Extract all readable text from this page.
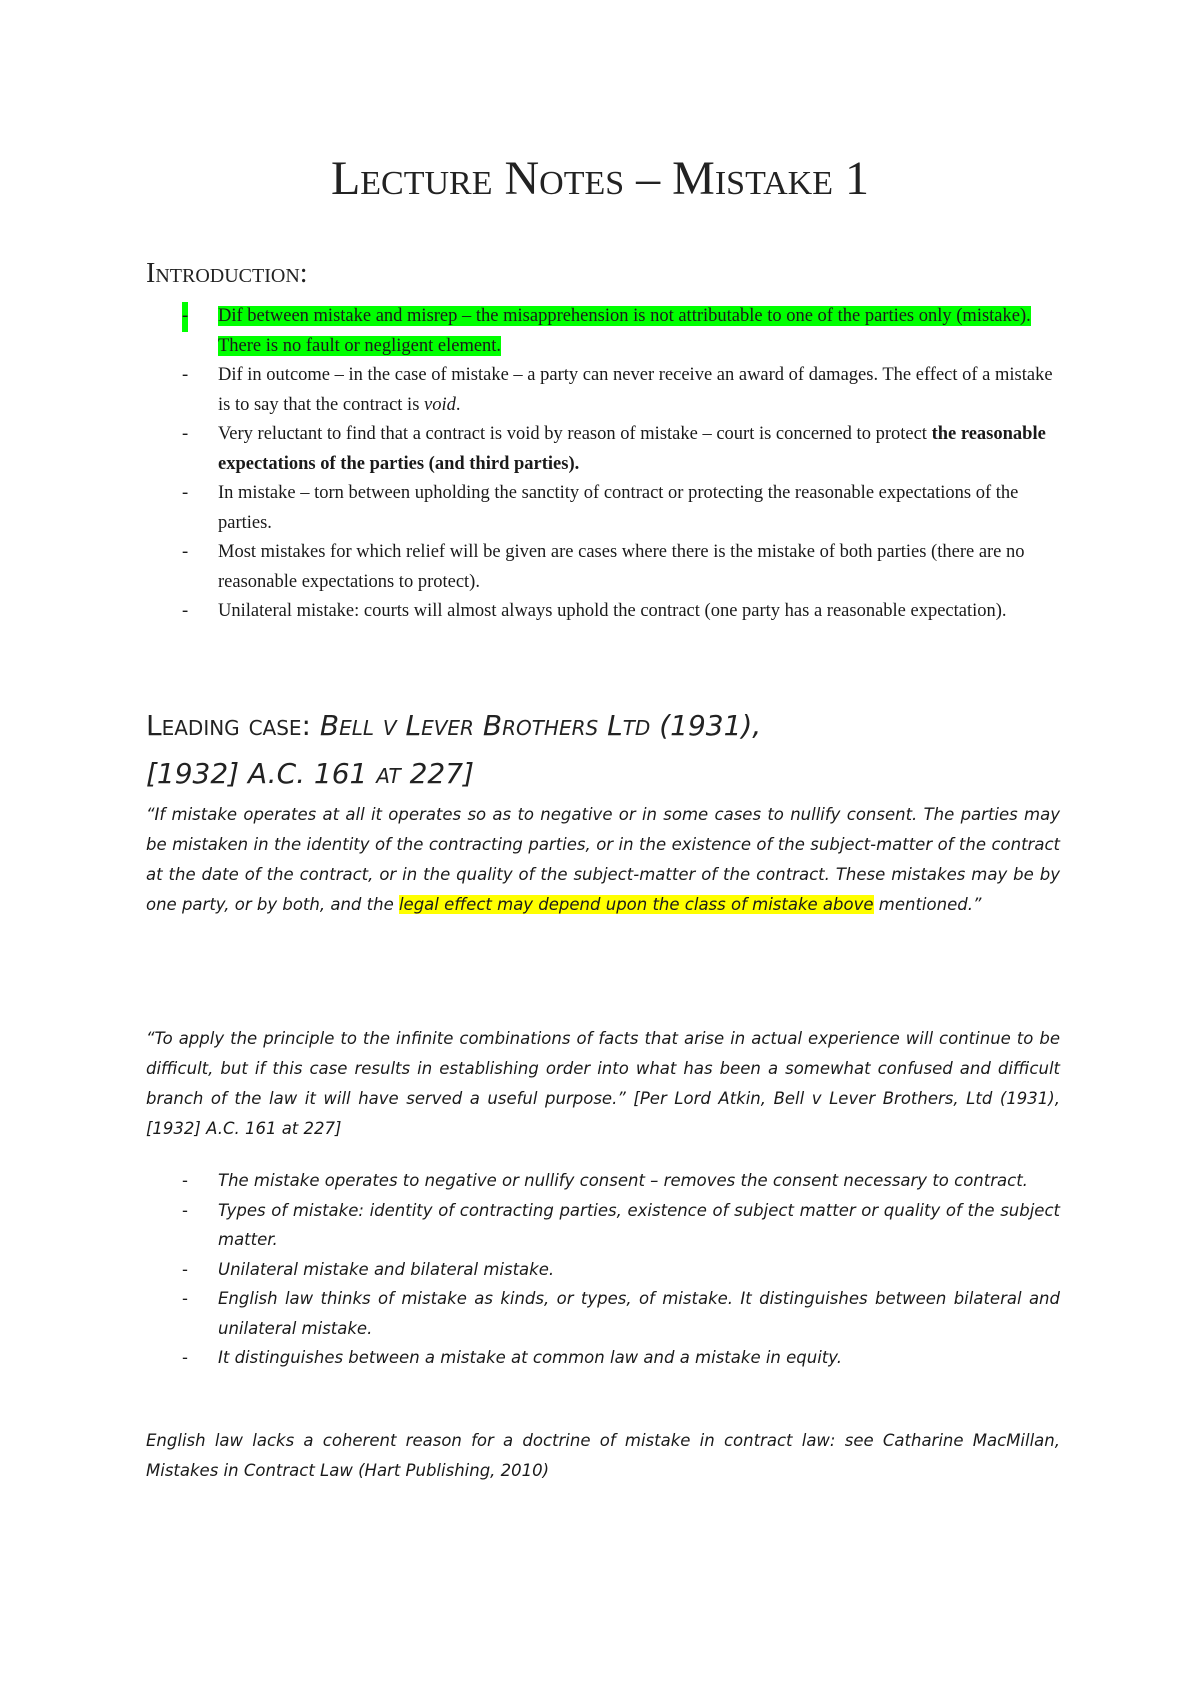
Lecture Notes – Mistake 1
Introduction:
- Dif between mistake and misrep – the misapprehension is not attributable to one of the parties only (mistake). There is no fault or negligent element.
- Dif in outcome – in the case of mistake – a party can never receive an award of damages. The effect of a mistake is to say that the contract is void.
- Very reluctant to find that a contract is void by reason of mistake – court is concerned to protect the reasonable expectations of the parties (and third parties).
- In mistake – torn between upholding the sanctity of contract or protecting the reasonable expectations of the parties.
- Most mistakes for which relief will be given are cases where there is the mistake of both parties (there are no reasonable expectations to protect).
- Unilateral mistake: courts will almost always uphold the contract (one party has a reasonable expectation).
Leading case: Bell v Lever Brothers Ltd (1931),
[1932] A.C. 161 at 227]
“If mistake operates at all it operates so as to negative or in some cases to nullify consent. The parties may be mistaken in the identity of the contracting parties, or in the existence of the subject-matter of the contract at the date of the contract, or in the quality of the subject-matter of the contract. These mistakes may be by one party, or by both, and the legal effect may depend upon the class of mistake above mentioned.”
“To apply the principle to the infinite combinations of facts that arise in actual experience will continue to be difficult, but if this case results in establishing order into what has been a somewhat confused and difficult branch of the law it will have served a useful purpose.” [Per Lord Atkin, Bell v Lever Brothers, Ltd (1931), [1932] A.C. 161 at 227]
- The mistake operates to negative or nullify consent – removes the consent necessary to contract.
- Types of mistake: identity of contracting parties, existence of subject matter or quality of the subject matter.
- Unilateral mistake and bilateral mistake.
- English law thinks of mistake as kinds, or types, of mistake. It distinguishes between bilateral and unilateral mistake.
- It distinguishes between a mistake at common law and a mistake in equity.
English law lacks a coherent reason for a doctrine of mistake in contract law: see Catharine MacMillan, Mistakes in Contract Law (Hart Publishing, 2010)
